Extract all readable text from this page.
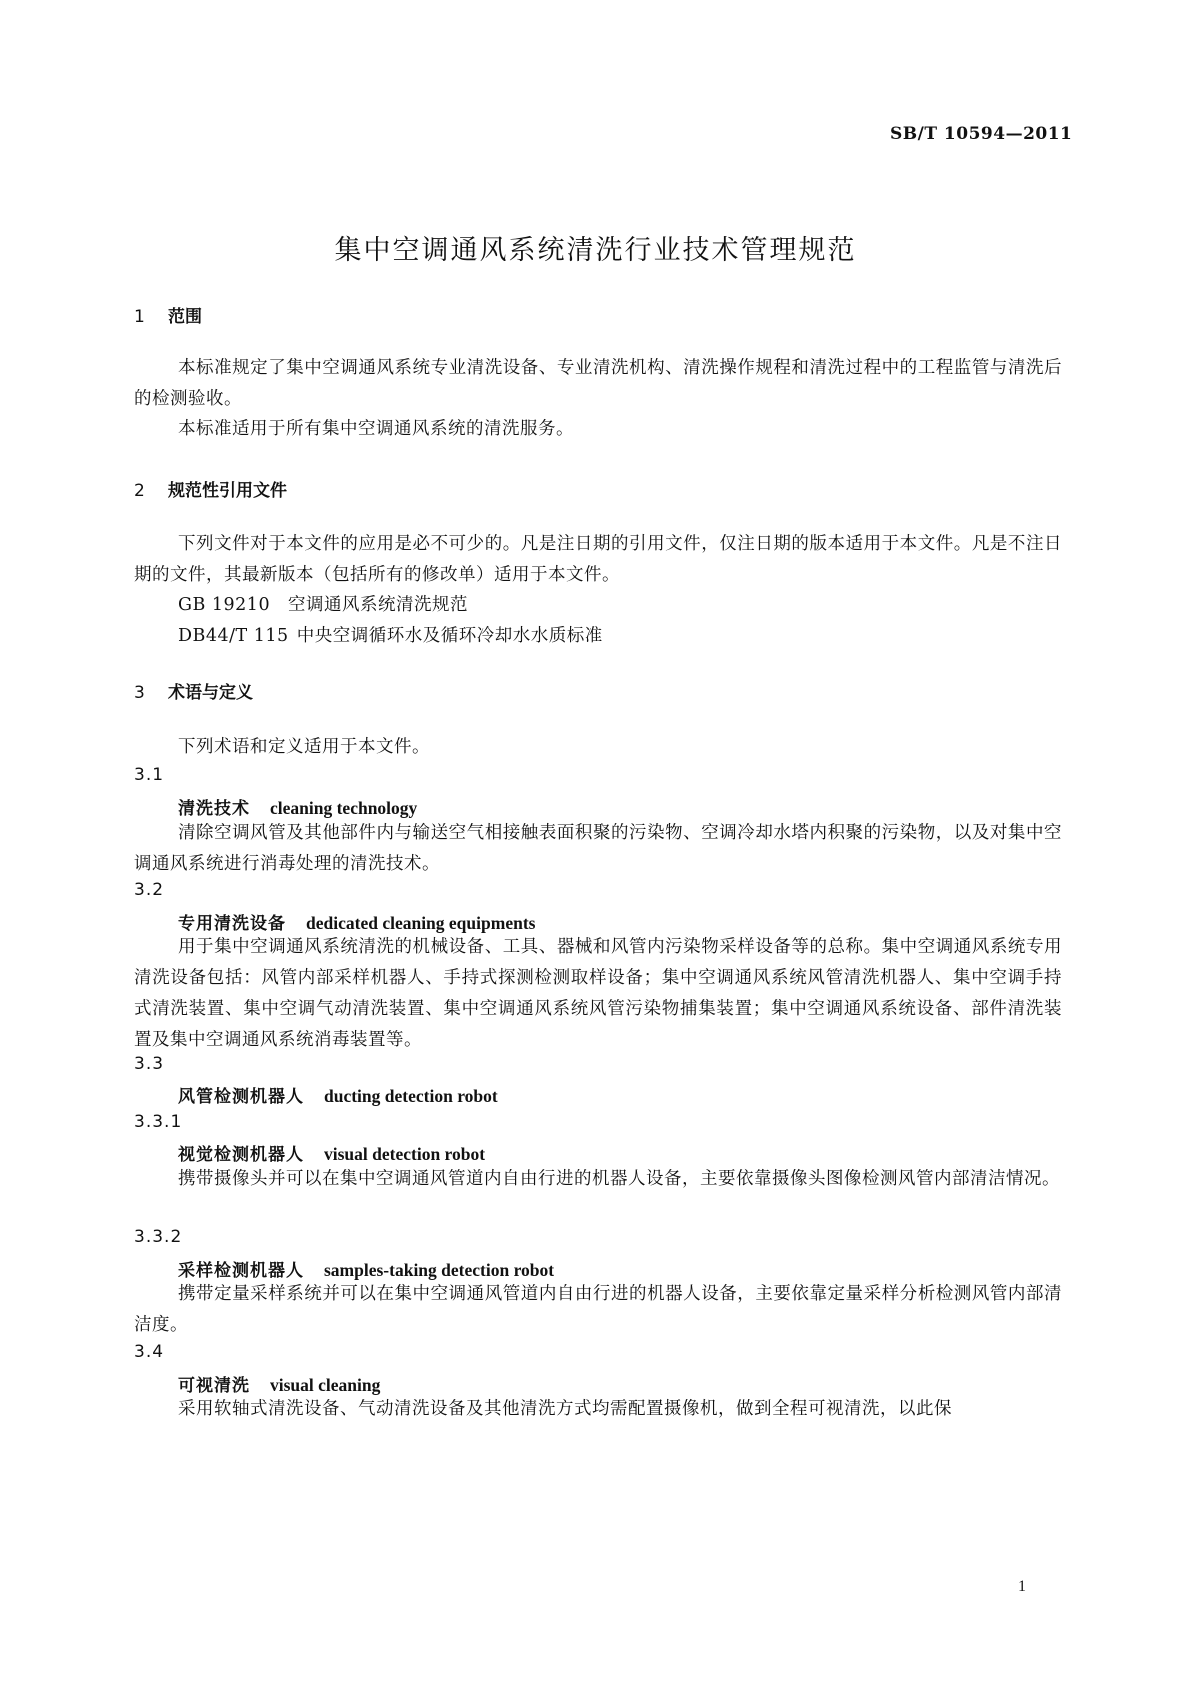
SB/T 10594—2011
集中空调通风系统清洗行业技术管理规范
1 范围
本标准规定了集中空调通风系统专业清洗设备、专业清洗机构、清洗操作规程和清洗过程中的工程监管与清洗后的检测验收。
本标准适用于所有集中空调通风系统的清洗服务。
2 规范性引用文件
下列文件对于本文件的应用是必不可少的。凡是注日期的引用文件，仅注日期的版本适用于本文件。凡是不注日期的文件，其最新版本（包括所有的修改单）适用于本文件。
GB 19210 空调通风系统清洗规范
DB44/T 115 中央空调循环水及循环冷却水水质标准
3 术语与定义
下列术语和定义适用于本文件。
3.1
清洗技术 cleaning technology
清除空调风管及其他部件内与输送空气相接触表面积聚的污染物、空调冷却水塔内积聚的污染物，以及对集中空调通风系统进行消毒处理的清洗技术。
3.2
专用清洗设备 dedicated cleaning equipments
用于集中空调通风系统清洗的机械设备、工具、器械和风管内污染物采样设备等的总称。集中空调通风系统专用清洗设备包括：风管内部采样机器人、手持式探测检测取样设备；集中空调通风系统风管清洗机器人、集中空调手持式清洗装置、集中空调气动清洗装置、集中空调通风系统风管污染物捕集装置；集中空调通风系统设备、部件清洗装置及集中空调通风系统消毒装置等。
3.3
风管检测机器人 ducting detection robot
3.3.1
视觉检测机器人 visual detection robot
携带摄像头并可以在集中空调通风管道内自由行进的机器人设备，主要依靠摄像头图像检测风管内部清洁情况。
3.3.2
采样检测机器人 samples-taking detection robot
携带定量采样系统并可以在集中空调通风管道内自由行进的机器人设备，主要依靠定量采样分析检测风管内部清洁度。
3.4
可视清洗 visual cleaning
采用软轴式清洗设备、气动清洗设备及其他清洗方式均需配置摄像机，做到全程可视清洗，以此保
1
